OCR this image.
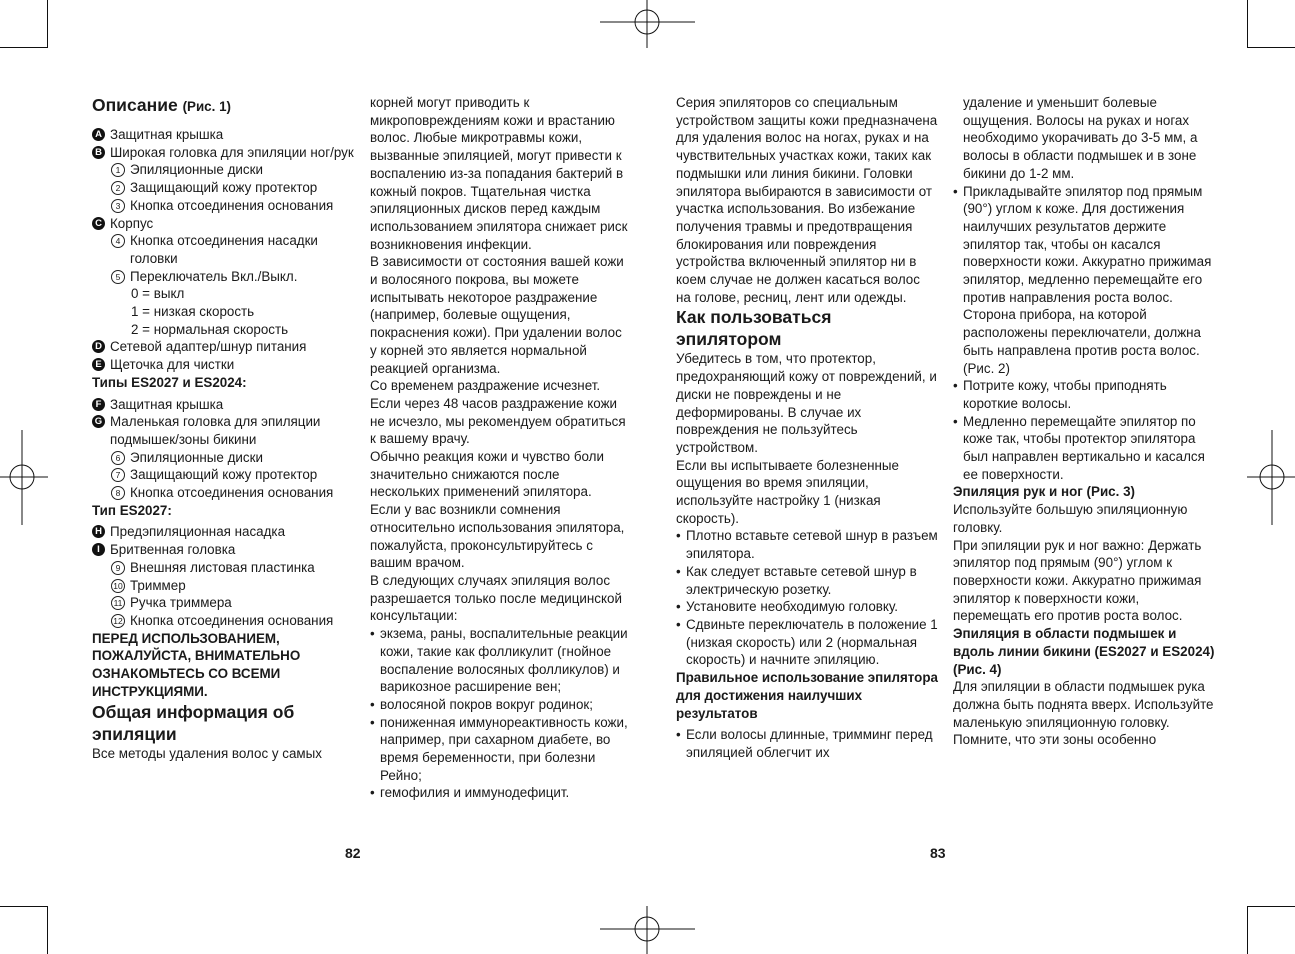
Описание (Рис. 1)
A Защитная крышка
B Широкая головка для эпиляции ног/рук
1 Эпиляционные диски
2 Защищающий кожу протектор
3 Кнопка отсоединения основания
C Корпус
4 Кнопка отсоединения насадки головки
5 Переключатель Вкл./Выкл.

0 = выкл

1 = низкая скорость

2 = нормальная скорость

D Сетевой адаптер/шнур питания
E Щеточка для чистки
Типы ES2027 и ES2024:
F Защитная крышка
G Маленькая головка для эпиляции подмышек/зоны бикини
6 Эпиляционные диски
7 Защищающий кожу протектор
8 Кнопка отсоединения основания
Тип ES2027:
H Предэпиляционная насадка
I Бритвенная головка
9 Внешняя листовая пластинка
10 Триммер
11 Ручка триммера
12 Кнопка отсоединения основания

ПЕРЕД ИСПОЛЬЗОВАНИЕМ, ПОЖАЛУЙСТА, ВНИМАТЕЛЬНО ОЗНАКОМЬТЕСЬ СО ВСЕМИ ИНСТРУКЦИЯМИ.

Общая информация об эпиляции

Все методы удаления волос у самых

корней могут приводить к микроповреждениям кожи и врастанию волос. Любые микротравмы кожи, вызванные эпиляцией, могут привести к воспалению из-за попадания бактерий в кожный покров. Тщательная чистка эпиляционных дисков перед каждым использованием эпилятора снижает риск возникновения инфекции.

В зависимости от состояния вашей кожи и волосяного покрова, вы можете испытывать некоторое раздражение (например, болевые ощущения, покраснения кожи). При удалении волос у корней это является нормальной реакцией организма.

Со временем раздражение исчезнет. Если через 48 часов раздражение кожи не исчезло, мы рекомендуем обратиться к вашему врачу.

Обычно реакция кожи и чувство боли значительно снижаются после нескольких применений эпилятора.

Если у вас возникли сомнения относительно использования эпилятора, пожалуйста, проконсультируйтесь с вашим врачом.

В следующих случаях эпиляция волос разрешается только после медицинской консультации:

• экзема, раны, воспалительные реакции кожи, такие как фолликулит (гнойное воспаление волосяных фолликулов) и варикозное расширение вен;
• волосяной покров вокруг родинок;
• пониженная иммунореактивность кожи, например, при сахарном диабете, во время беременности, при болезни Рейно;
• гемофилия и иммунодефицит.

Серия эпиляторов со специальным устройством защиты кожи предназначена для удаления волос на ногах, руках и на чувствительных участках кожи, таких как подмышки или линия бикини. Головки эпилятора выбираются в зависимости от участка использования. Во избежание получения травмы и предотвращения блокирования или повреждения устройства включенный эпилятор ни в коем случае не должен касаться волос на голове, ресниц, лент или одежды.

Как пользоваться эпилятором

Убедитесь в том, что протектор, предохраняющий кожу от повреждений, и диски не повреждены и не деформированы. В случае их повреждения не пользуйтесь устройством.

Если вы испытываете болезненные ощущения во время эпиляции, используйте настройку 1 (низкая скорость).

• Плотно вставьте сетевой шнур в разъем эпилятора.
• Как следует вставьте сетевой шнур в электрическую розетку.
• Установите необходимую головку.
• Сдвиньте переключатель в положение 1 (низкая скорость) или 2 (нормальная скорость) и начните эпиляцию.
Правильное использование эпилятора для достижения наилучших результатов
• Если волосы длинные, тримминг перед эпиляцией облегчит их

удаление и уменьшит болевые ощущения. Волосы на руках и ногах необходимо укорачивать до 3-5 мм, а волосы в области подмышек и в зоне бикини до 1-2 мм.

• Прикладывайте эпилятор под прямым (90°) углом к коже. Для достижения наилучших результатов держите эпилятор так, чтобы он касался поверхности кожи. Аккуратно прижимая эпилятор, медленно перемещайте его против направления роста волос. Сторона прибора, на которой расположены переключатели, должна быть направлена против роста волос. (Рис. 2)
• Потрите кожу, чтобы приподнять короткие волосы.
• Медленно перемещайте эпилятор по коже так, чтобы протектор эпилятора был направлен вертикально и касался ее поверхности.
Эпиляция рук и ног (Рис. 3)

Используйте большую эпиляционную головку.

При эпиляции рук и ног важно: Держать эпилятор под прямым (90°) углом к поверхности кожи. Аккуратно прижимая эпилятор к поверхности кожи, перемещать его против роста волос.

Эпиляция в области подмышек и вдоль линии бикини (ES2027 и ES2024) (Рис. 4)

Для эпиляции в области подмышек рука должна быть поднята вверх. Используйте маленькую эпиляционную головку. Помните, что эти зоны особенно

82	83
